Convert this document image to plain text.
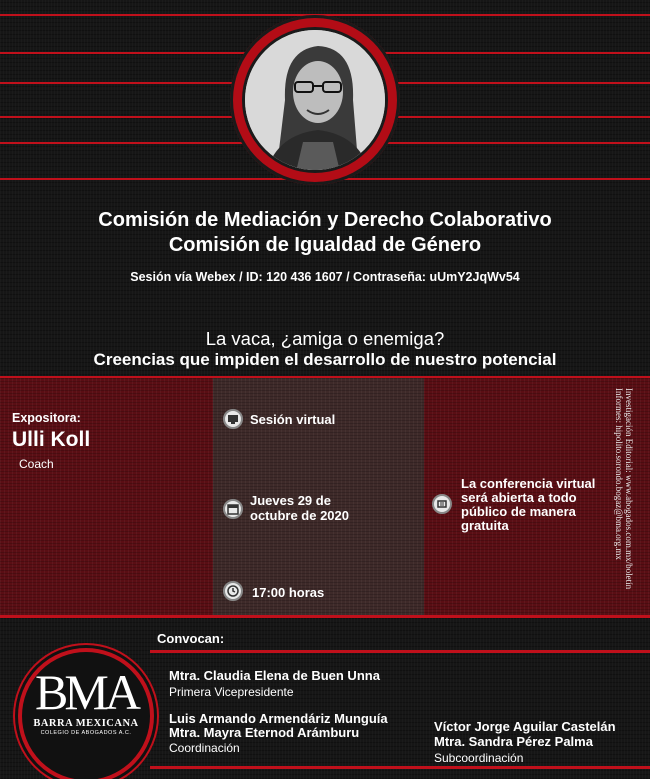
Comisión de Mediación y Derecho Colaborativo
Comisión de Igualdad de Género
Sesión vía Webex / ID: 120 436 1607 / Contraseña: uUmY2JqWv54
La vaca, ¿amiga o enemiga?
Creencias que impiden el desarrollo de nuestro potencial
Expositora:
Ulli Koll
Coach
Sesión virtual
Jueves 29 de
octubre de 2020
17:00 horas
La conferencia virtual
será abierta a todo
público de manera
gratuita	Investigación Editorial: www.abogados.com.mx/boletín
Informes: hipolito.sorondo.bogaz@bma.org.mx
Convocan:
BMA
BARRA MEXICANA
COLEGIO DE ABOGADOS A.C.
Mtra. Claudia Elena de Buen Unna
Primera Vicepresidente
Luis Armando Armendáriz Munguía
Mtra. Mayra Eternod Arámburu
Coordinación
Víctor Jorge Aguilar Castelán
Mtra. Sandra Pérez Palma
Subcoordinación
